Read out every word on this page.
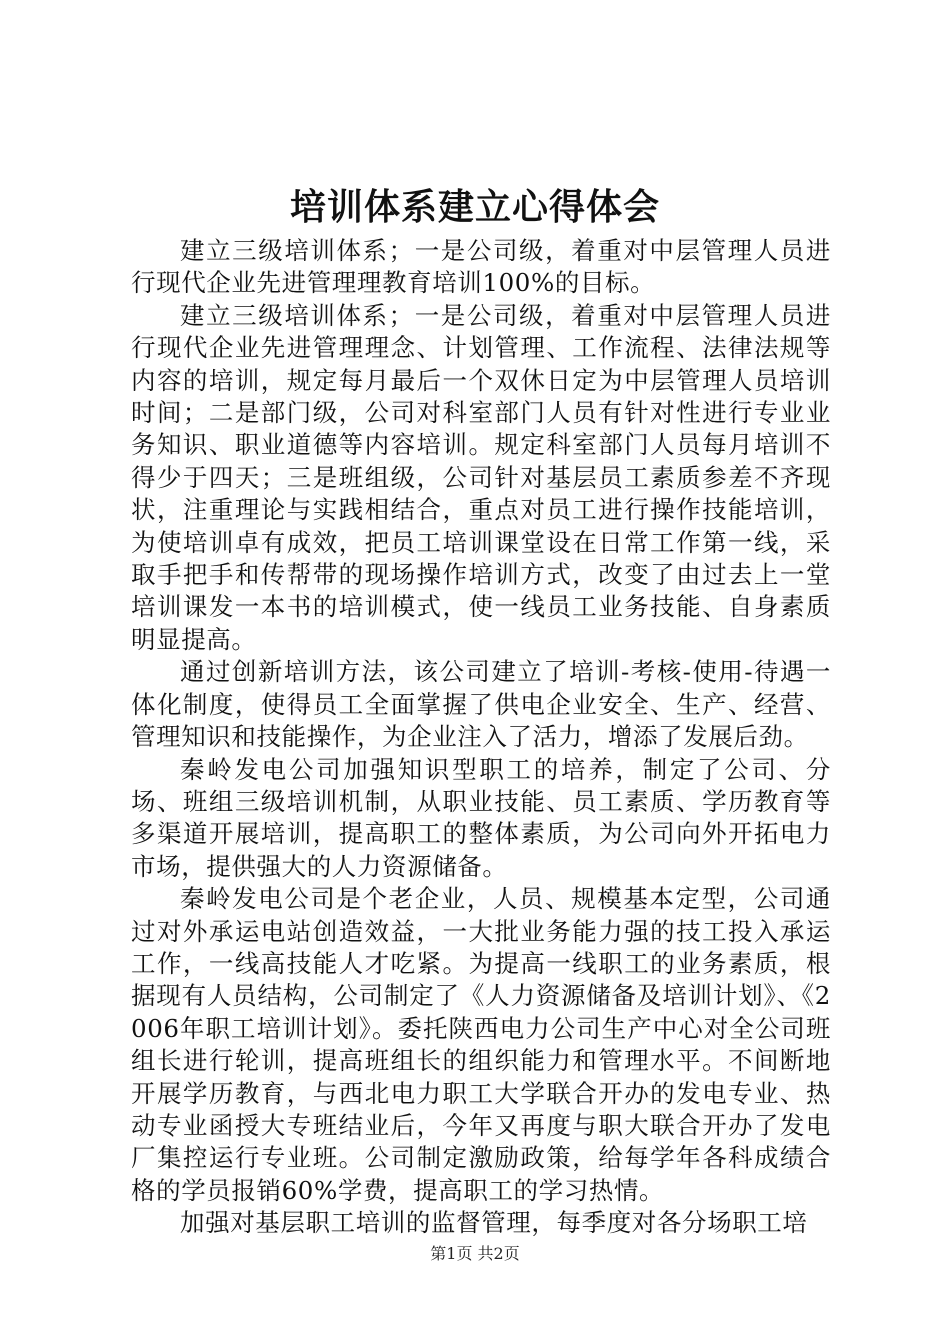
培训体系建立心得体会

建立三级培训体系；一是公司级，着重对中层管理人员进行现代企业先进管理理教育培训100%的目标。

建立三级培训体系；一是公司级，着重对中层管理人员进行现代企业先进管理理念、计划管理、工作流程、法律法规等内容的培训，规定每月最后一个双休日定为中层管理人员培训时间；二是部门级，公司对科室部门人员有针对性进行专业业务知识、职业道德等内容培训。规定科室部门人员每月培训不得少于四天；三是班组级，公司针对基层员工素质参差不齐现状，注重理论与实践相结合，重点对员工进行操作技能培训，为使培训卓有成效，把员工培训课堂设在日常工作第一线，采取手把手和传帮带的现场操作培训方式，改变了由过去上一堂培训课发一本书的培训模式，使一线员工业务技能、自身素质明显提高。

通过创新培训方法，该公司建立了培训-考核-使用-待遇一体化制度，使得员工全面掌握了供电企业安全、生产、经营、管理知识和技能操作，为企业注入了活力，增添了发展后劲。

秦岭发电公司加强知识型职工的培养，制定了公司、分场、班组三级培训机制，从职业技能、员工素质、学历教育等多渠道开展培训，提高职工的整体素质，为公司向外开拓电力市场，提供强大的人力资源储备。

秦岭发电公司是个老企业，人员、规模基本定型，公司通过对外承运电站创造效益，一大批业务能力强的技工投入承运工作，一线高技能人才吃紧。为提高一线职工的业务素质，根据现有人员结构，公司制定了《人力资源储备及培训计划》、《2006年职工培训计划》。委托陕西电力公司生产中心对全公司班组长进行轮训，提高班组长的组织能力和管理水平。不间断地开展学历教育，与西北电力职工大学联合开办的发电专业、热动专业函授大专班结业后，今年又再度与职大联合开办了发电厂集控运行专业班。公司制定激励政策，给每学年各科成绩合格的学员报销60%学费，提高职工的学习热情。

加强对基层职工培训的监督管理，每季度对各分场职工培

第1页 共2页
